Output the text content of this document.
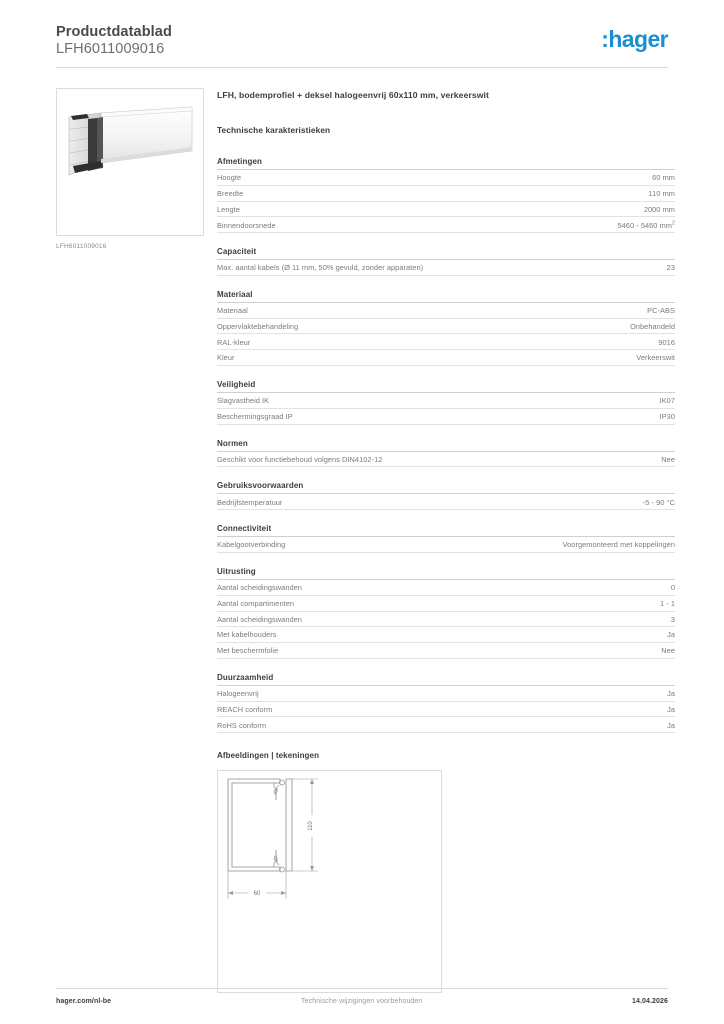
Productdatablad
LFH6011009016	:hager
LFH6011009016
LFH, bodemprofiel + deksel halogeenvrij 60x110 mm, verkeerswit
Technische karakteristieken
Afmetingen
Hoogte	60 mm
Breedte	110 mm
Lengte	2000 mm
Binnendoorsnede	5460 - 5460 $mm^2$
Capaciteit
Max. aantal kabels (Ø 11 mm, 50% gevuld, zonder apparaten)	23
Materiaal
Materiaal	PC-ABS
Oppervlaktebehandeling	Onbehandeld
RAL-kleur	9016
Kleur	Verkeerswit
Veiligheid
Slagvastheid IK	IK07
Beschermingsgraad IP	IP30
Normen
Geschikt voor functiebehoud volgens DIN4102-12	Nee
Gebruiksvoorwaarden
Bedrijfstemperatuur	-5 - 90 °C
Connectiviteit
Kabelgootverbinding	Voorgemonteerd met koppelingen
Uitrusting
Aantal scheidingswanden	0
Aantal compartimenten	1 - 1
Aantal scheidingswanden	3
Met kabelhouders	Ja
Met beschermfolie	Nee
Duurzaamheid
Halogeenvrij	Ja
REACH conform	Ja
RoHS conform	Ja
Afbeeldingen | tekeningen
110
60
hager.com/nl-be	Technische wijzigingen voorbehouden	14.04.2026
